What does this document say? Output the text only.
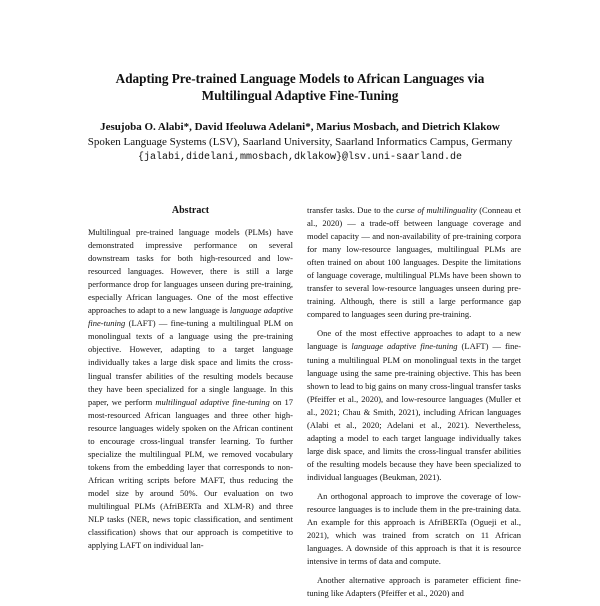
Adapting Pre-trained Language Models to African Languages via
Multilingual Adaptive Fine-Tuning
Jesujoba O. Alabi*, David Ifeoluwa Adelani*, Marius Mosbach, and Dietrich Klakow
Spoken Language Systems (LSV), Saarland University, Saarland Informatics Campus, Germany
{jalabi,didelani,mmosbach,dklakow}@lsv.uni-saarland.de
Abstract

Multilingual pre-trained language models (PLMs) have demonstrated impressive performance on several downstream tasks for both high-resourced and low-resourced languages. However, there is still a large performance drop for languages unseen during pre-training, especially African languages. One of the most effective approaches to adapt to a new language is language adaptive fine-tuning (LAFT) — fine-tuning a multilingual PLM on monolingual texts of a language using the pre-training objective. However, adapting to a target language individually takes a large disk space and limits the cross-lingual transfer abilities of the resulting models because they have been specialized for a single language. In this paper, we perform multilingual adaptive fine-tuning on 17 most-resourced African languages and three other high-resource languages widely spoken on the African continent to encourage cross-lingual transfer learning. To further specialize the multilingual PLM, we removed vocabulary tokens from the embedding layer that corresponds to non-African writing scripts before MAFT, thus reducing the model size by around 50%. Our evaluation on two multilingual PLMs (AfriBERTa and XLM-R) and three NLP tasks (NER, news topic classification, and sentiment classification) shows that our approach is competitive to applying LAFT on individual lan-

transfer tasks. Due to the curse of multilinguality (Conneau et al., 2020) — a trade-off between language coverage and model capacity — and non-availability of pre-training corpora for many low-resource languages, multilingual PLMs are often trained on about 100 languages. Despite the limitations of language coverage, multilingual PLMs have been shown to transfer to several low-resource languages unseen during pre-training. Although, there is still a large performance gap compared to languages seen during pre-training.

One of the most effective approaches to adapt to a new language is language adaptive fine-tuning (LAFT) — fine-tuning a multilingual PLM on monolingual texts in the target language using the same pre-training objective. This has been shown to lead to big gains on many cross-lingual transfer tasks (Pfeiffer et al., 2020), and low-resource languages (Muller et al., 2021; Chau & Smith, 2021), including African languages (Alabi et al., 2020; Adelani et al., 2021). Nevertheless, adapting a model to each target language individually takes large disk space, and limits the cross-lingual transfer abilities of the resulting models because they have been specialized to individual languages (Beukman, 2021).

An orthogonal approach to improve the coverage of low-resource languages is to include them in the pre-training data. An example for this approach is AfriBERTa (Ogueji et al., 2021), which was trained from scratch on 11 African languages. A downside of this approach is that it is resource intensive in terms of data and compute.

Another alternative approach is parameter efficient fine-tuning like Adapters (Pfeiffer et al., 2020) and
